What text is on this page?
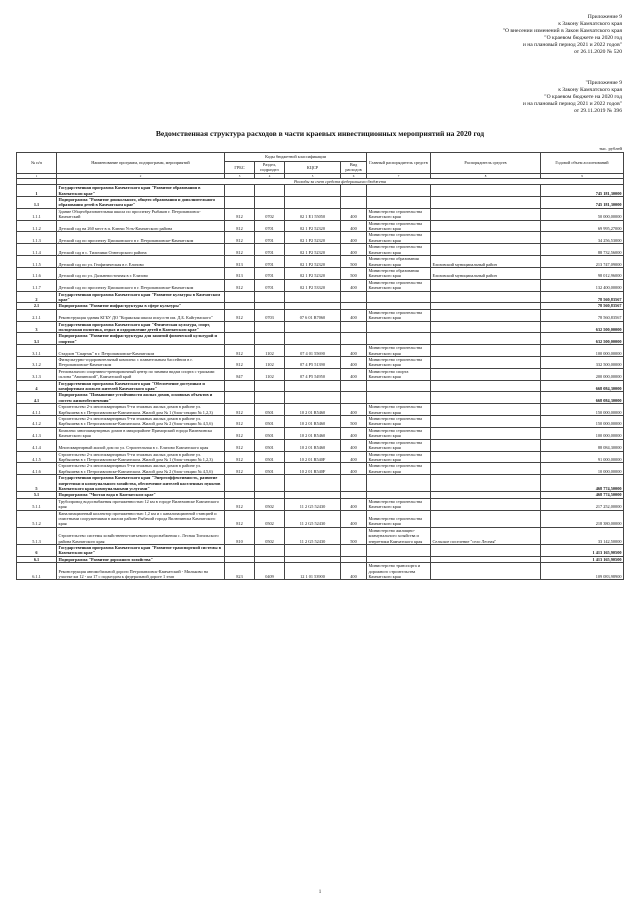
Приложение 9
к Закону Камчатского края
"О внесении изменений в Закон Камчатского края
"О краевом бюджете на 2020 год
и на плановый период 2021 и 2022 годов"
от 26.11.2020 № 520
"Приложение 9
к Закону Камчатского края
"О краевом бюджете на 2020 год
и на плановый период 2021 и 2022 годов"
от 29.11.2019 № 396
Ведомственная структура расходов в части краевых инвестиционных мероприятий на 2020 год
тыс. рублей
№ п/п	Наименование программ, подпрограмм, мероприятий	Коды бюджетной классификации				Главный распорядитель средств	Распорядитель средств	Годовой объем ассигнований
		ГРБС	Раздел, подраздел	КЦСР	Вид расходов			
1	2	3	4	5	6	7	8	9
	Расходы за счет средств федерального бюджета							
1	Государственная программа Камчатского края "Развитие образования в Камчатском крае"							745 181,30000
1.1	Подпрограмма "Развитие дошкольного, общего образования и дополнительного образования детей в Камчатском крае"							745 181,30000
1.1.1	Здание Общеобразовательная школа по проспекту Рыбаков г. Петропавловск-Камчатский	812	0702	02 1 E1 55050	400	Министерство строительства Камчатского края		50 000,00000
1.1.2	Детский сад на 260 мест в п. Ключи Усть-Камчатского района	812	0701	02 1 P2 52320	400	Министерство строительства Камчатского края		69 995,27000
1.1.3	Детский сад по проспекту Циолковского в г. Петропавловске-Камчатском	812	0701	02 1 P2 52320	400	Министерство строительства Камчатского края		34 256,53000
1.1.4	Детский сад в с. Тиличики Олюторского района	812	0701	02 1 P2 52320	400	Министерство строительства Камчатского края		88 732,56000
1.1.5	Детский сад по ул. Геофизическая в г. Елизово	813	0701	02 1 P2 52320	500	Министерство образования Камчатского края	Елизовский муниципальный район	213 747,09000
1.1.6	Детский сад по ул. Дальневосточная в г. Елизово	813	0701	02 1 P2 52320	500	Министерство образования Камчатского края	Елизовский муниципальный район	98 012,96000
1.1.7	Детский сад по проспекту Циолковского в г. Петропавловске-Камчатском	812	0701	02 1 P2 53320	400	Министерство строительства Камчатского края		132 400,00000
2	Государственная программа Камчатского края "Развитие культуры в Камчатском крае"							78 560,83567
2.1	Подпрограмма "Развитие инфраструктуры в сфере культуры"							78 560,83567
2.1.1	Реконструкция здания КГБУ ДО "Корякская школа искусств им. Д.Б. Кайгунаского"	812	0703	07 6 01 R7060	400	Министерство строительства Камчатского края		78 560,83567
3	Государственная программа Камчатского края "Физическая культура, спорт, молодежная политика, отдых и оздоровление детей в Камчатском крае"							632 500,00000
3.1	Подпрограмма "Развитие инфраструктуры для занятий физической культурой и спортом"							632 500,00000
3.1.1	Стадион "Спартак" в г. Петропавловске-Камчатском	812	1102	07 4 01 55690	400	Министерство строительства Камчатского края		100 000,00000
3.1.2	Физкультурно-оздоровительный комплекс с плавательным бассейном в г. Петропавловске-Камчатском	812	1102	07 4 P5 51390	400	Министерство строительства Камчатского края		332 500,00000
3.1.3	Регионального спортивно-тренировочный центр по зимним видам спорта с трасками склона "Авачинский", Камчатский край	847	1102	07 4 P5 54950	400	Министерство спорта Камчатского края		200 000,00000
4	Государственная программа Камчатского края "Обеспечение доступным и комфортным жильем жителей Камчатского края"							668 084,30000
4.1	Подпрограмма "Повышение устойчивости жилых домов, основных объектов и систем жизнеобеспечения"							668 084,30000
4.1.1	Строительство 2-х многоквартирных 9-ти этажных жилых домов в районе ул. Карбышева в г. Петропавловске-Камчатском. Жилой дом № 1 (блок-секции № 1,2,3)	812	0501	10 2 01 R5460	400	Министерство строительства Камчатского края		150 000,00000
4.1.2	Строительство 2-х многоквартирных 9-ти этажных жилых домов в районе ул. Карбышева в г. Петропавловске-Камчатском. Жилой дом № 2 (блок-секции № 4,5,6)	812	0501	10 2 01 R5460	500	Министерство строительства Камчатского края		150 000,00000
4.1.3	Комплекс многоквартирных домов в микрорайоне Приморский города Вилючинска Камчатского края	812	0501	10 2 01 R5460	400	Министерство строительства Камчатского края		100 000,00000
4.1.4	Многоквартирный жилой дом по ул. Строительная в с. Елизово Камчатского края	812	0501	10 2 01 R5460	400	Министерство строительства Камчатского края		88 084,30000
4.1.5	Строительство 2-х многоквартирных 9-ти этажных жилых домов в районе ул. Карбышева в г. Петропавловске-Камчатском. Жилой дом № 1 (блок-секции № 1,2,3)	812	0501	10 2 01 R540F	400	Министерство строительства Камчатского края		91 000,00000
4.1.6	Строительство 2-х многоквартирных 9-ти этажных жилых домов в районе ул. Карбышева в г. Петропавловске-Камчатском. Жилой дом № 2 (блок-секции № 4,5,6)	812	0501	10 2 01 R540F	400	Министерство строительства Камчатского края		10 000,00000
5	Государственная программа Камчатского края "Энергоэффективность, развитие энергетики и коммунального хозяйства, обеспечение жителей населенных пунктов Камчатского края коммунальными услугами"							468 774,50000
5.1	Подпрограмма "Чистая вода в Камчатском крае"							468 774,50000
5.1.1	Трубопровод водоснабжения протяженностью 12 км в городе Вилючинске Камчатского края	812	0502	11 2 G5 52430	400	Министерство строительства Камчатского края		217 252,00000
5.1.2	Канализационный коллектор протяженностью 1,2 км и с канализационной станцией и очистными сооружениями в жилом районе Рыбачий города Вилючинска Камчатского края	812	0502	11 2 G5 52430	400	Министерство строительства Камчатского края		218 380,00000
5.1.3	Строительство системы хозяйственно-питьевого водоснабжения с. Лесная Тигильского района Камчатского края	810	0502	11 2 G5 52430	500	Министерство жилищно-коммунального хозяйства и энергетики Камчатского края	Сельское поселение "село Лесная"	33 142,50000
6	Государственная программа Камчатского края "Развитие транспортной системы в Камчатском крае"							1 413 165,90500
6.1	Подпрограмма "Развитие дорожного хозяйства"							1 413 165,90500
6.1.1	Реконструкция автомобильной дороги Петропавловск-Камчатский - Мильково на участке км 12 - км 17 с подъездом к федеральной дороге 1 этап	823	0409	12 1 01 53900	400	Министерство транспорта и дорожного строительства Камчатского края		109 083,98900
1
